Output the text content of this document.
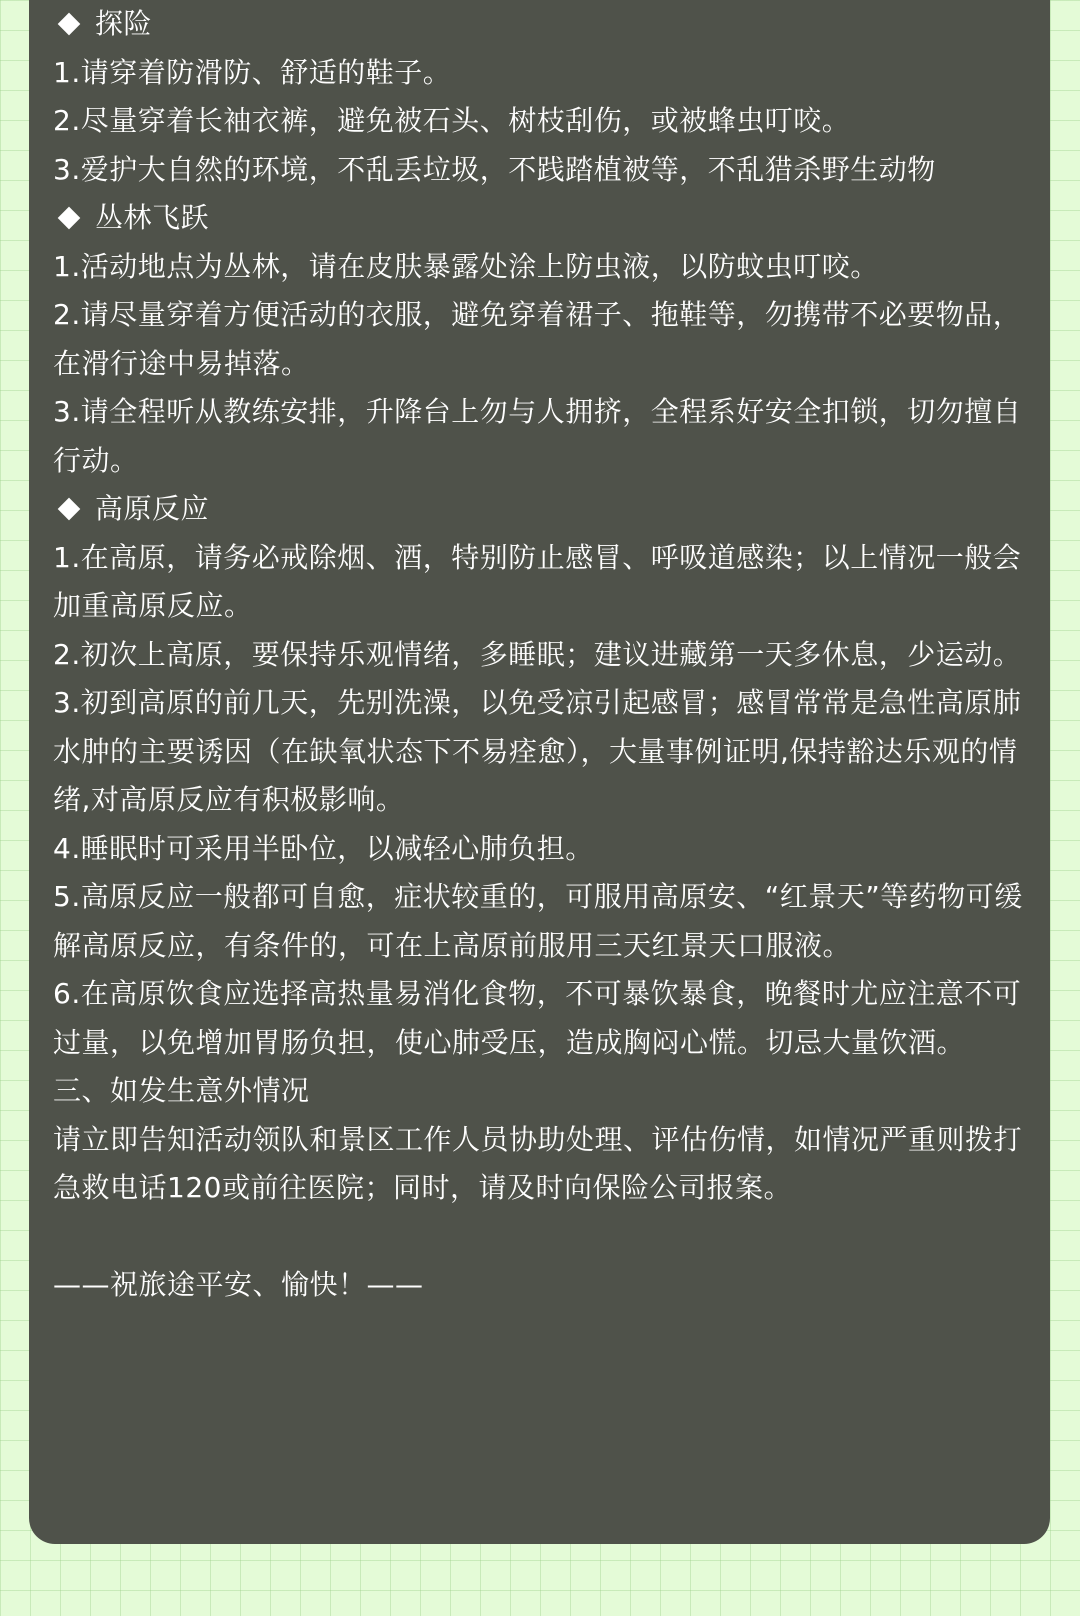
探险
1.请穿着防滑防、舒适的鞋子。
2.尽量穿着长袖衣裤，避免被石头、树枝刮伤，或被蜂虫叮咬。
3.爱护大自然的环境，不乱丢垃圾，不践踏植被等，不乱猎杀野生动物
丛林飞跃
1.活动地点为丛林，请在皮肤暴露处涂上防虫液，以防蚊虫叮咬。
2.请尽量穿着方便活动的衣服，避免穿着裙子、拖鞋等，勿携带不必要物品，在滑行途中易掉落。
3.请全程听从教练安排，升降台上勿与人拥挤，全程系好安全扣锁，切勿擅自行动。
高原反应
1.在高原，请务必戒除烟、酒，特别防止感冒、呼吸道感染；以上情况一般会加重高原反应。
2.初次上高原，要保持乐观情绪，多睡眠；建议进藏第一天多休息，少运动。
3.初到高原的前几天，先别洗澡，以免受凉引起感冒；感冒常常是急性高原肺水肿的主要诱因（在缺氧状态下不易痊愈），大量事例证明,保持豁达乐观的情绪,对高原反应有积极影响。
4.睡眠时可采用半卧位，以减轻心肺负担。
5.高原反应一般都可自愈，症状较重的，可服用高原安、“红景天”等药物可缓解高原反应，有条件的，可在上高原前服用三天红景天口服液。
6.在高原饮食应选择高热量易消化食物，不可暴饮暴食，晚餐时尤应注意不可过量，以免增加胃肠负担，使心肺受压，造成胸闷心慌。切忌大量饮酒。
三、如发生意外情况
请立即告知活动领队和景区工作人员协助处理、评估伤情，如情况严重则拨打急救电话120或前往医院；同时，请及时向保险公司报案。
——祝旅途平安、愉快！——
